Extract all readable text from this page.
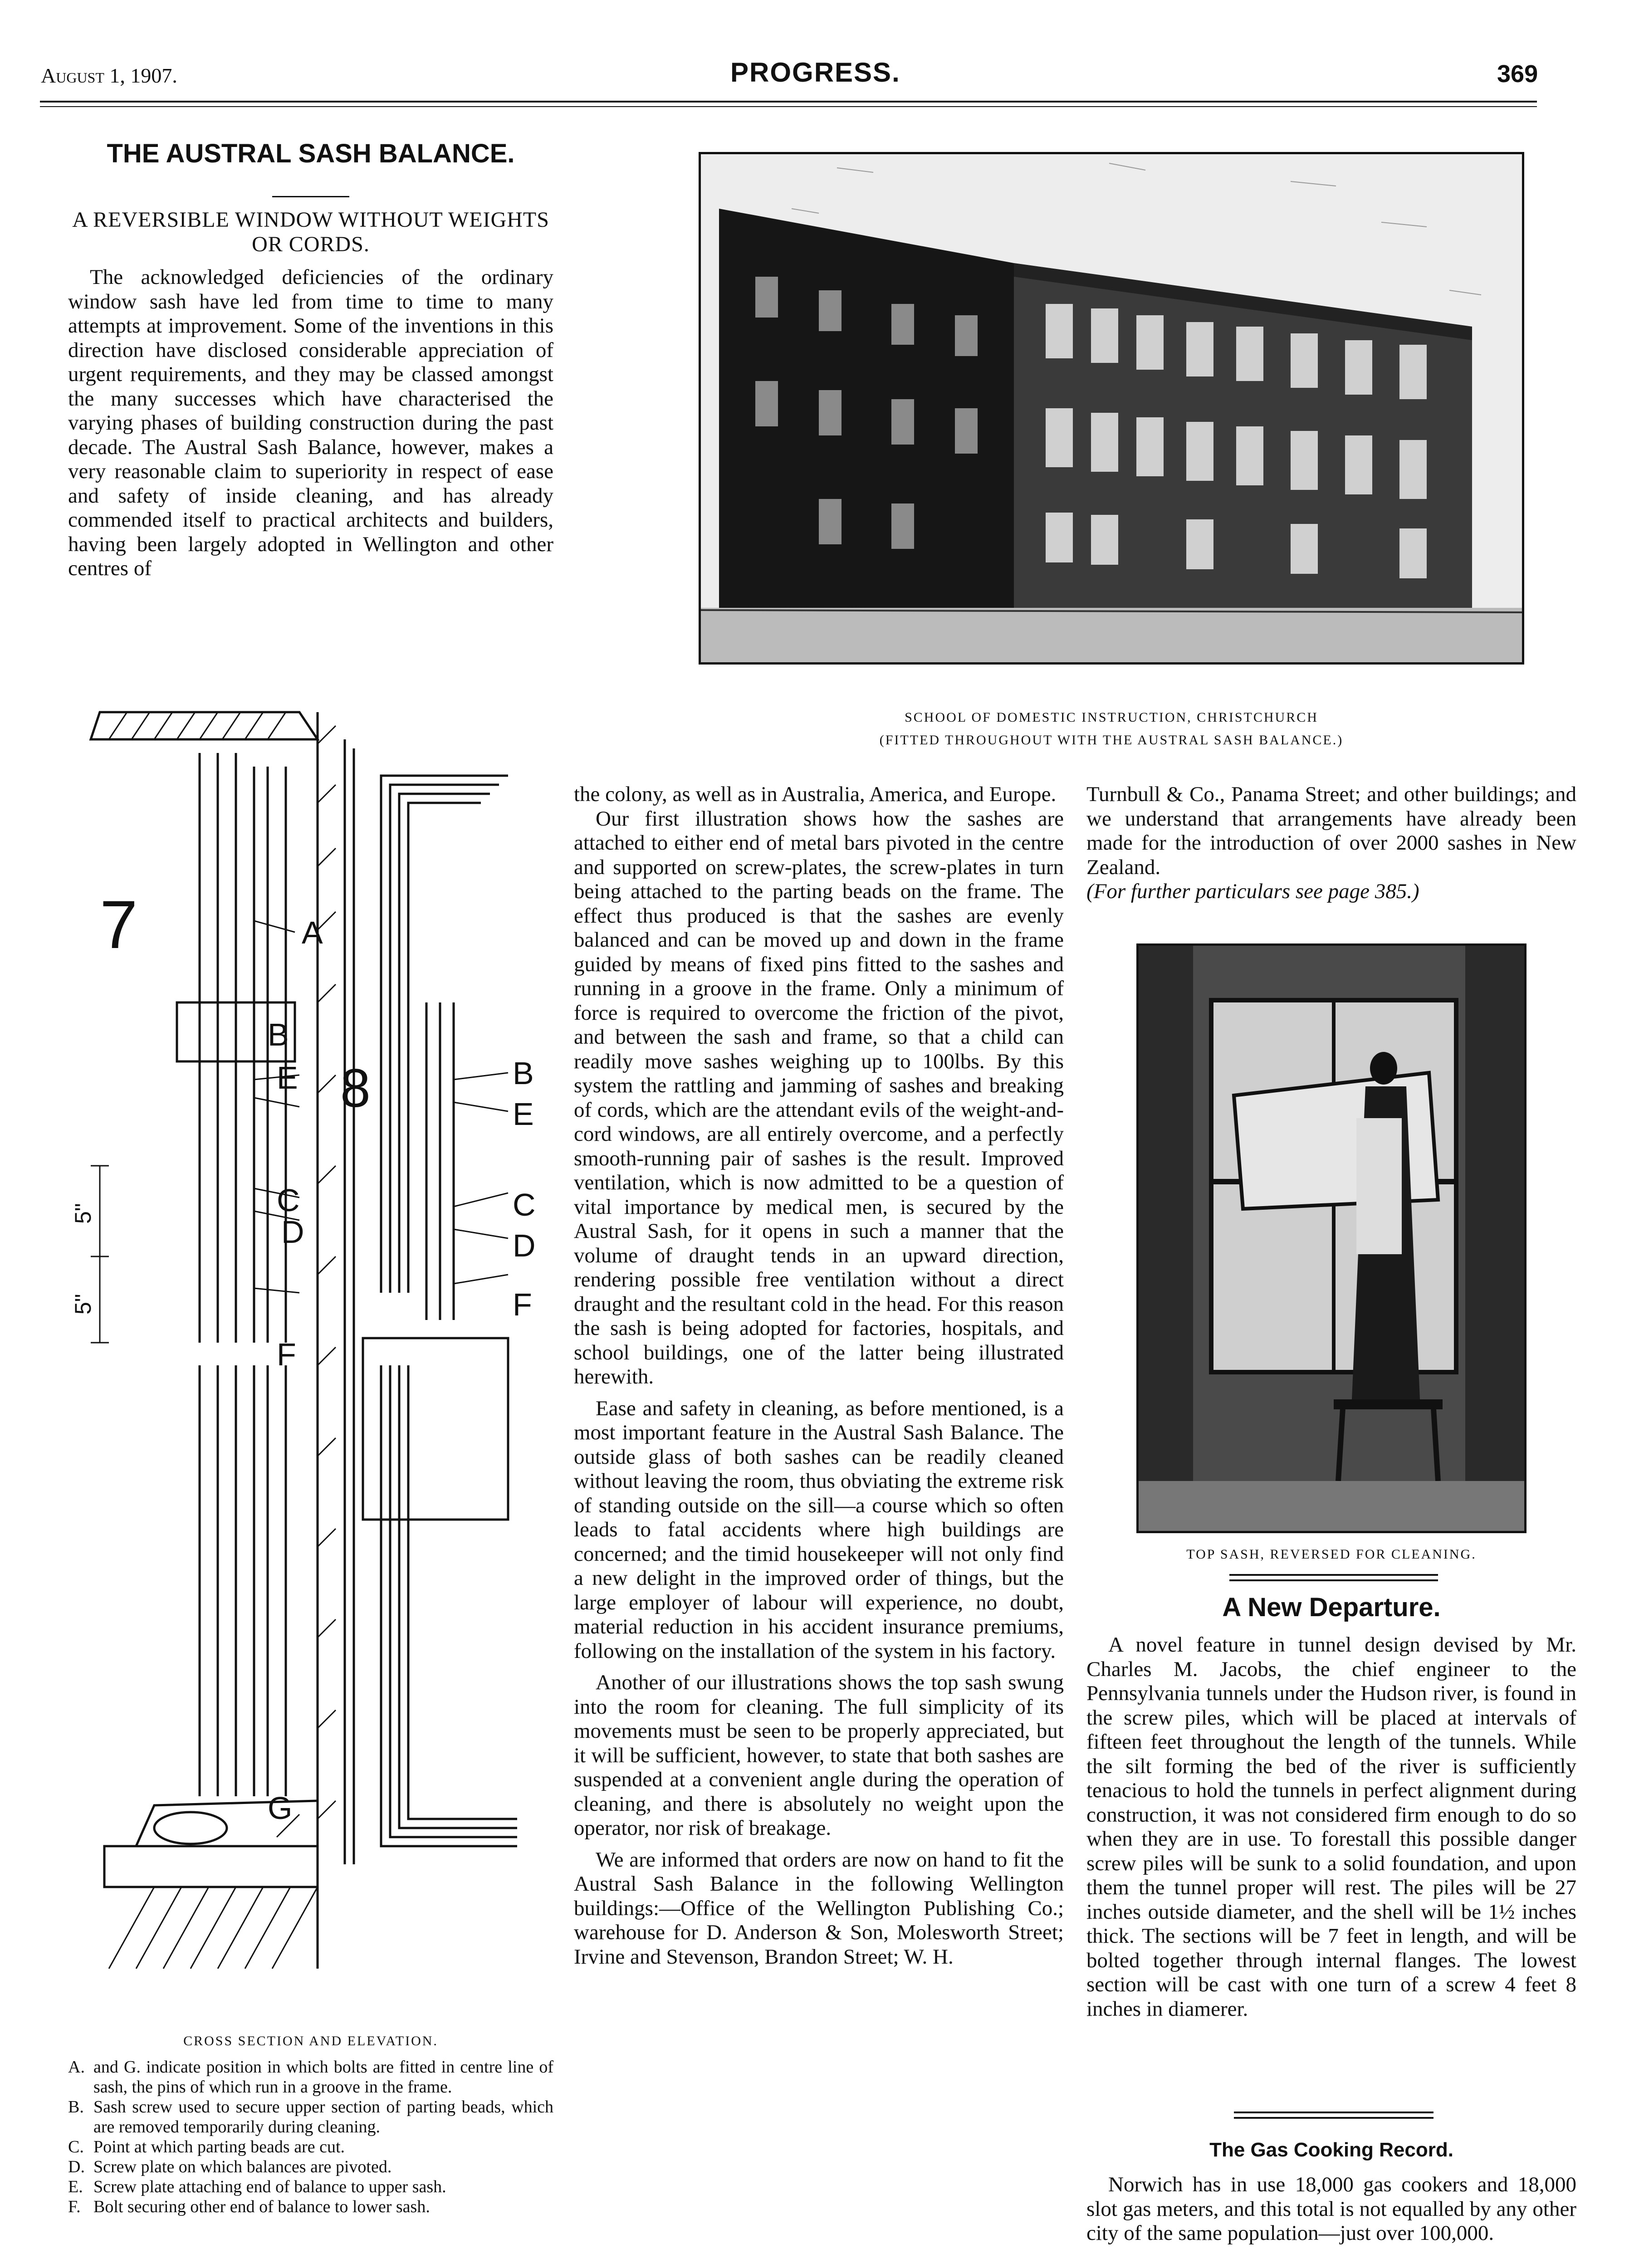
August 1, 1907.	PROGRESS.	369
THE AUSTRAL SASH BALANCE.
A REVERSIBLE WINDOW WITHOUT WEIGHTS OR CORDS.

The acknowledged deficiencies of the ordinary window sash have led from time to time to many attempts at improvement. Some of the inventions in this direction have disclosed considerable appreciation of urgent requirements, and they may be classed amongst the many successes which have characterised the varying phases of building construction during the past decade. The Austral Sash Balance, however, makes a very reasonable claim to superiority in respect of ease and safety of inside cleaning, and has already commended itself to practical architects and builders, having been largely adopted in Wellington and other centres of

SCHOOL OF DOMESTIC INSTRUCTION, CHRISTCHURCH
(FITTED THROUGHOUT WITH THE AUSTRAL SASH BALANCE.)
7
8
A
B
E
C
D
F
B
E
C
D
F
G
5"
5"
CROSS SECTION AND ELEVATION.
A. and G. indicate position in which bolts are fitted in centre line of sash, the pins of which run in a groove in the frame.
B. Sash screw used to secure upper section of parting beads, which are removed temporarily during cleaning.
C. Point at which parting beads are cut.
D. Screw plate on which balances are pivoted.
E. Screw plate attaching end of balance to upper sash.
F. Bolt securing other end of balance to lower sash.

the colony, as well as in Australia, America, and Europe.

Our first illustration shows how the sashes are attached to either end of metal bars pivoted in the centre and supported on screw-plates, the screw-plates in turn being attached to the parting beads on the frame. The effect thus produced is that the sashes are evenly balanced and can be moved up and down in the frame guided by means of fixed pins fitted to the sashes and running in a groove in the frame. Only a minimum of force is required to overcome the friction of the pivot, and between the sash and frame, so that a child can readily move sashes weighing up to 100lbs. By this system the rattling and jamming of sashes and breaking of cords, which are the attendant evils of the weight-and-cord windows, are all entirely overcome, and a perfectly smooth-running pair of sashes is the result. Improved ventilation, which is now admitted to be a question of vital importance by medical men, is secured by the Austral Sash, for it opens in such a manner that the volume of draught tends in an upward direction, rendering possible free ventilation without a direct draught and the resultant cold in the head. For this reason the sash is being adopted for factories, hospitals, and school buildings, one of the latter being illustrated herewith.

Ease and safety in cleaning, as before mentioned, is a most important feature in the Austral Sash Balance. The outside glass of both sashes can be readily cleaned without leaving the room, thus obviating the extreme risk of standing outside on the sill—a course which so often leads to fatal accidents where high buildings are concerned; and the timid housekeeper will not only find a new delight in the improved order of things, but the large employer of labour will experience, no doubt, material reduction in his accident insurance premiums, following on the installation of the system in his factory.

Another of our illustrations shows the top sash swung into the room for cleaning. The full simplicity of its movements must be seen to be properly appreciated, but it will be sufficient, however, to state that both sashes are suspended at a convenient angle during the operation of cleaning, and there is absolutely no weight upon the operator, nor risk of breakage.

We are informed that orders are now on hand to fit the Austral Sash Balance in the following Wellington buildings:—Office of the Wellington Publishing Co.; warehouse for D. Anderson & Son, Molesworth Street; Irvine and Stevenson, Brandon Street; W. H.

Turnbull & Co., Panama Street; and other buildings; and we understand that arrangements have already been made for the introduction of over 2000 sashes in New Zealand.

(For further particulars see page 385.)

TOP SASH, REVERSED FOR CLEANING.
A New Departure.

A novel feature in tunnel design devised by Mr. Charles M. Jacobs, the chief engineer to the Pennsylvania tunnels under the Hudson river, is found in the screw piles, which will be placed at intervals of fifteen feet throughout the length of the tunnels. While the silt forming the bed of the river is sufficiently tenacious to hold the tunnels in perfect alignment during construction, it was not considered firm enough to do so when they are in use. To forestall this possible danger screw piles will be sunk to a solid foundation, and upon them the tunnel proper will rest. The piles will be 27 inches outside diameter, and the shell will be 1½ inches thick. The sections will be 7 feet in length, and will be bolted together through internal flanges. The lowest section will be cast with one turn of a screw 4 feet 8 inches in diamerer.

The Gas Cooking Record.

Norwich has in use 18,000 gas cookers and 18,000 slot gas meters, and this total is not equalled by any other city of the same population—just over 100,000.
